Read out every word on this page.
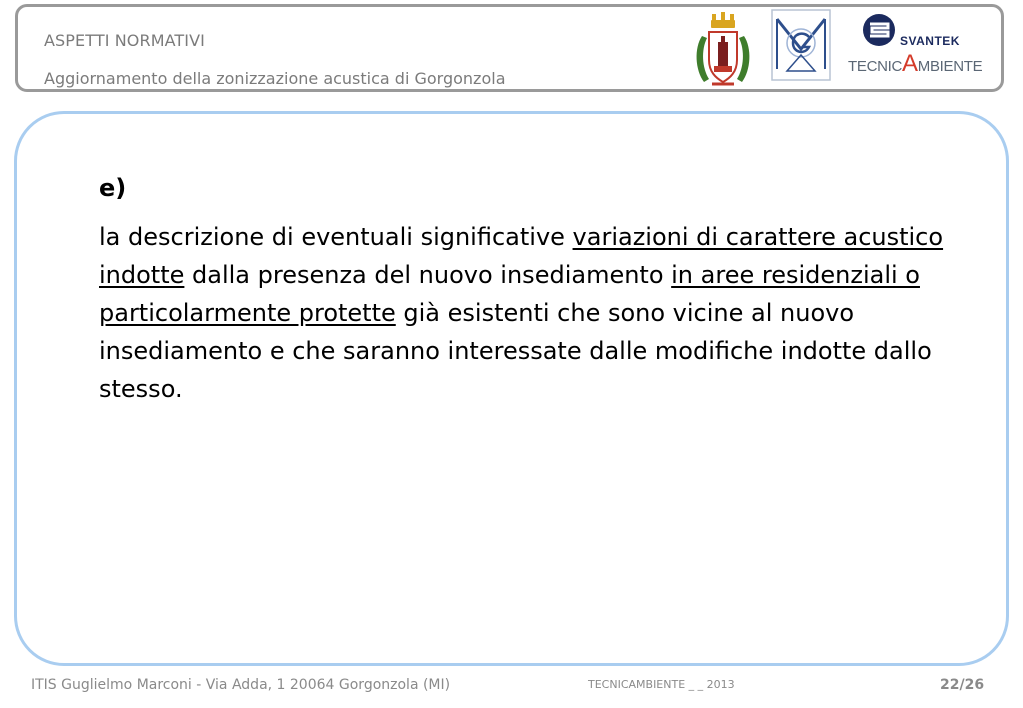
ASPETTI NORMATIVI
Aggiornamento della zonizzazione acustica di Gorgonzola
SVANTEK
TECNICAMBIENTE
e)
la descrizione di eventuali significative variazioni di carattere acustico indotte dalla presenza del nuovo insediamento in aree residenziali o particolarmente protette già esistenti che sono vicine al nuovo insediamento e che saranno interessate dalle modifiche indotte dallo stesso.
ITIS Guglielmo Marconi - Via Adda, 1 20064 Gorgonzola (MI)	TECNICAMBIENTE _ _ 2013	22/26
